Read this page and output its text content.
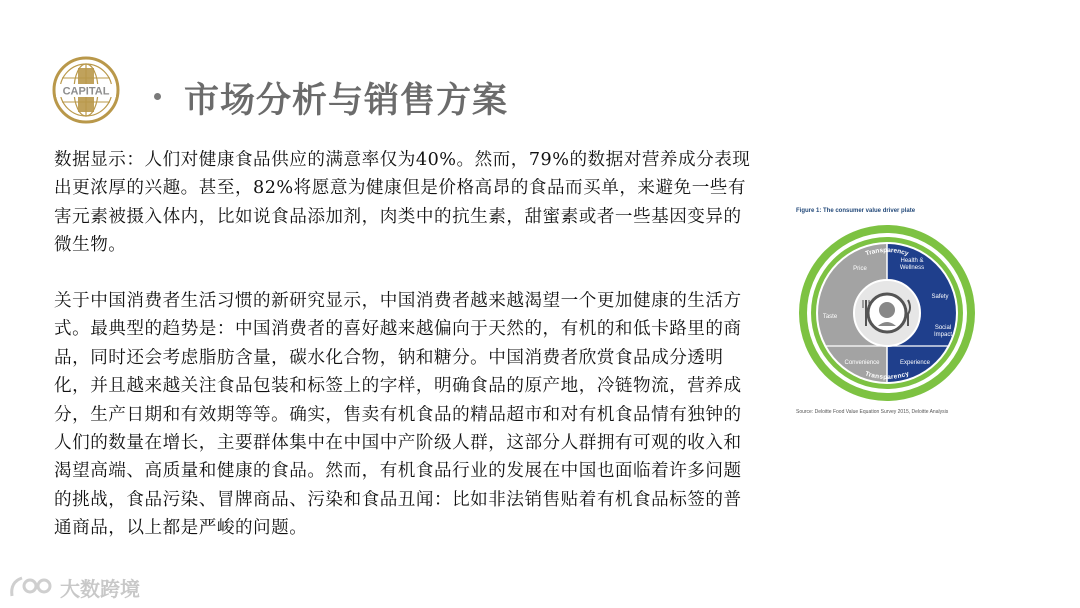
CAPITAL 市场分析与销售方案

数据显示：人们对健康食品供应的满意率仅为40%。然而，79%的数据对营养成分表现出更浓厚的兴趣。甚至，82%将愿意为健康但是价格高昂的食品而买单，来避免一些有害元素被摄入体内，比如说食品添加剂，肉类中的抗生素，甜蜜素或者一些基因变异的微生物。

关于中国消费者生活习惯的新研究显示，中国消费者越来越渴望一个更加健康的生活方式。最典型的趋势是：中国消费者的喜好越来越偏向于天然的，有机的和低卡路里的商品，同时还会考虑脂肪含量，碳水化合物，钠和糖分。中国消费者欣赏食品成分透明化，并且越来越关注食品包装和标签上的字样，明确食品的原产地，冷链物流，营养成分，生产日期和有效期等等。确实，售卖有机食品的精品超市和对有机食品情有独钟的人们的数量在增长，主要群体集中在中国中产阶级人群，这部分人群拥有可观的收入和渴望高端、高质量和健康的食品。然而，有机食品行业的发展在中国也面临着许多问题的挑战，食品污染、冒牌商品、污染和食品丑闻：比如非法销售贴着有机食品标签的普通商品，以上都是严峻的问题。

Figure 1: The consumer value driver plate
Transparency
Transparency
Price
Taste
Convenience
Health &
Wellness
Safety
Social
Impact
Experience
Source: Deloitte Food Value Equation Survey 2015, Deloitte Analysis
大数跨境
